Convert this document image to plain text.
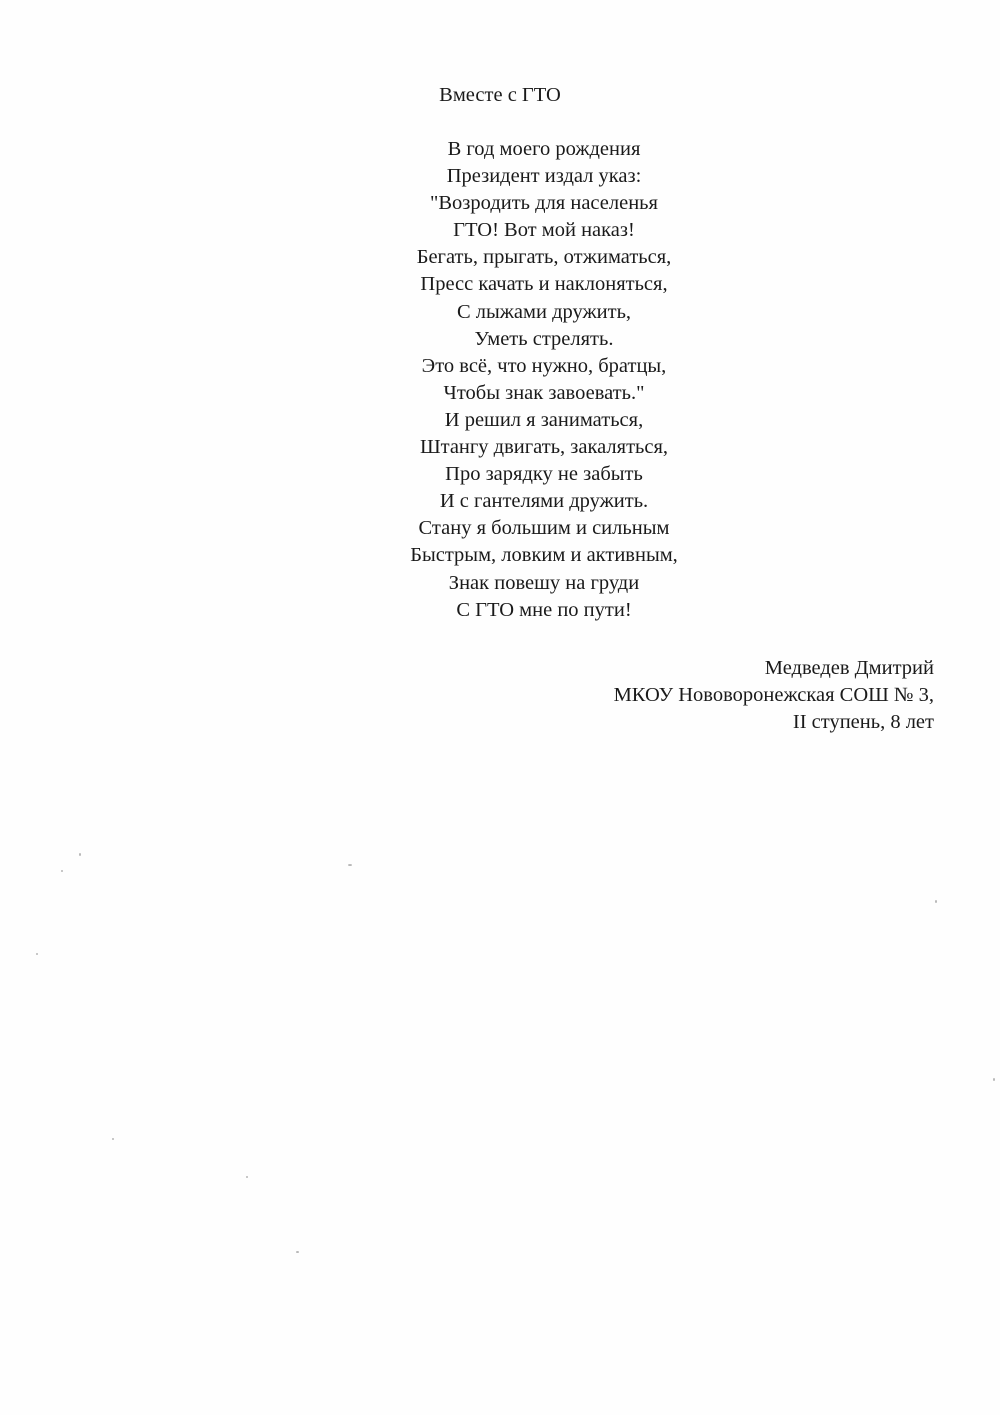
Вместе с ГТО
В год моего рождения
Президент издал указ:
"Возродить для населенья
ГТО! Вот мой наказ!
Бегать, прыгать, отжиматься,
Пресс качать и наклоняться,
С лыжами дружить,
Уметь стрелять.
Это всё, что нужно, братцы,
Чтобы знак завоевать."
И решил я заниматься,
Штангу двигать, закаляться,
Про зарядку не забыть
И с гантелями дружить.
Стану я большим и сильным
Быстрым, ловким и активным,
Знак повешу на груди
С ГТО мне по пути!
Медведев Дмитрий
МКОУ Нововоронежская СОШ № 3,
II ступень, 8 лет
